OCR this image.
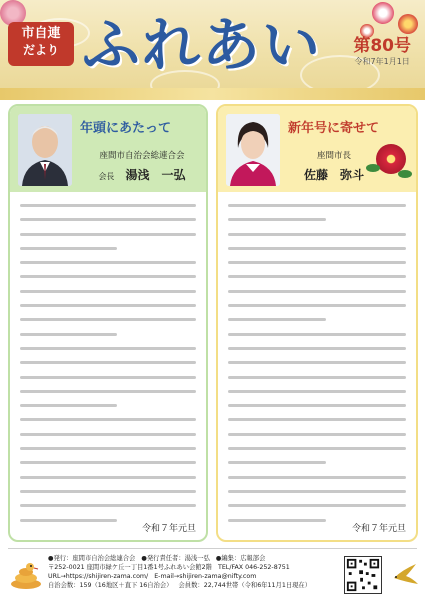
市自連
だより ふれあい 第80号
令和7年1月1日
年頭にあたって
座間市自治会総連合会
会長 湯浅　一弘
令和７年元旦
新年号に寄せて
座間市長
佐藤　弥斗
令和７年元旦
●発行：座間市自治会総連合会 ●発行責任者：湯浅一弘 ●編集：広報部会
〒252-0021 座間市緑ケ丘一丁目1番1号ふれあい会館2階 TEL/FAX 046-252-8751
URL→https://shijiren-zama.com/ E-mail→shijiren-zama@nifty.com
自治会数：159（16地区＋直下 16自治会） 会員数：22,744世帯（令和6年11月1日現在）
